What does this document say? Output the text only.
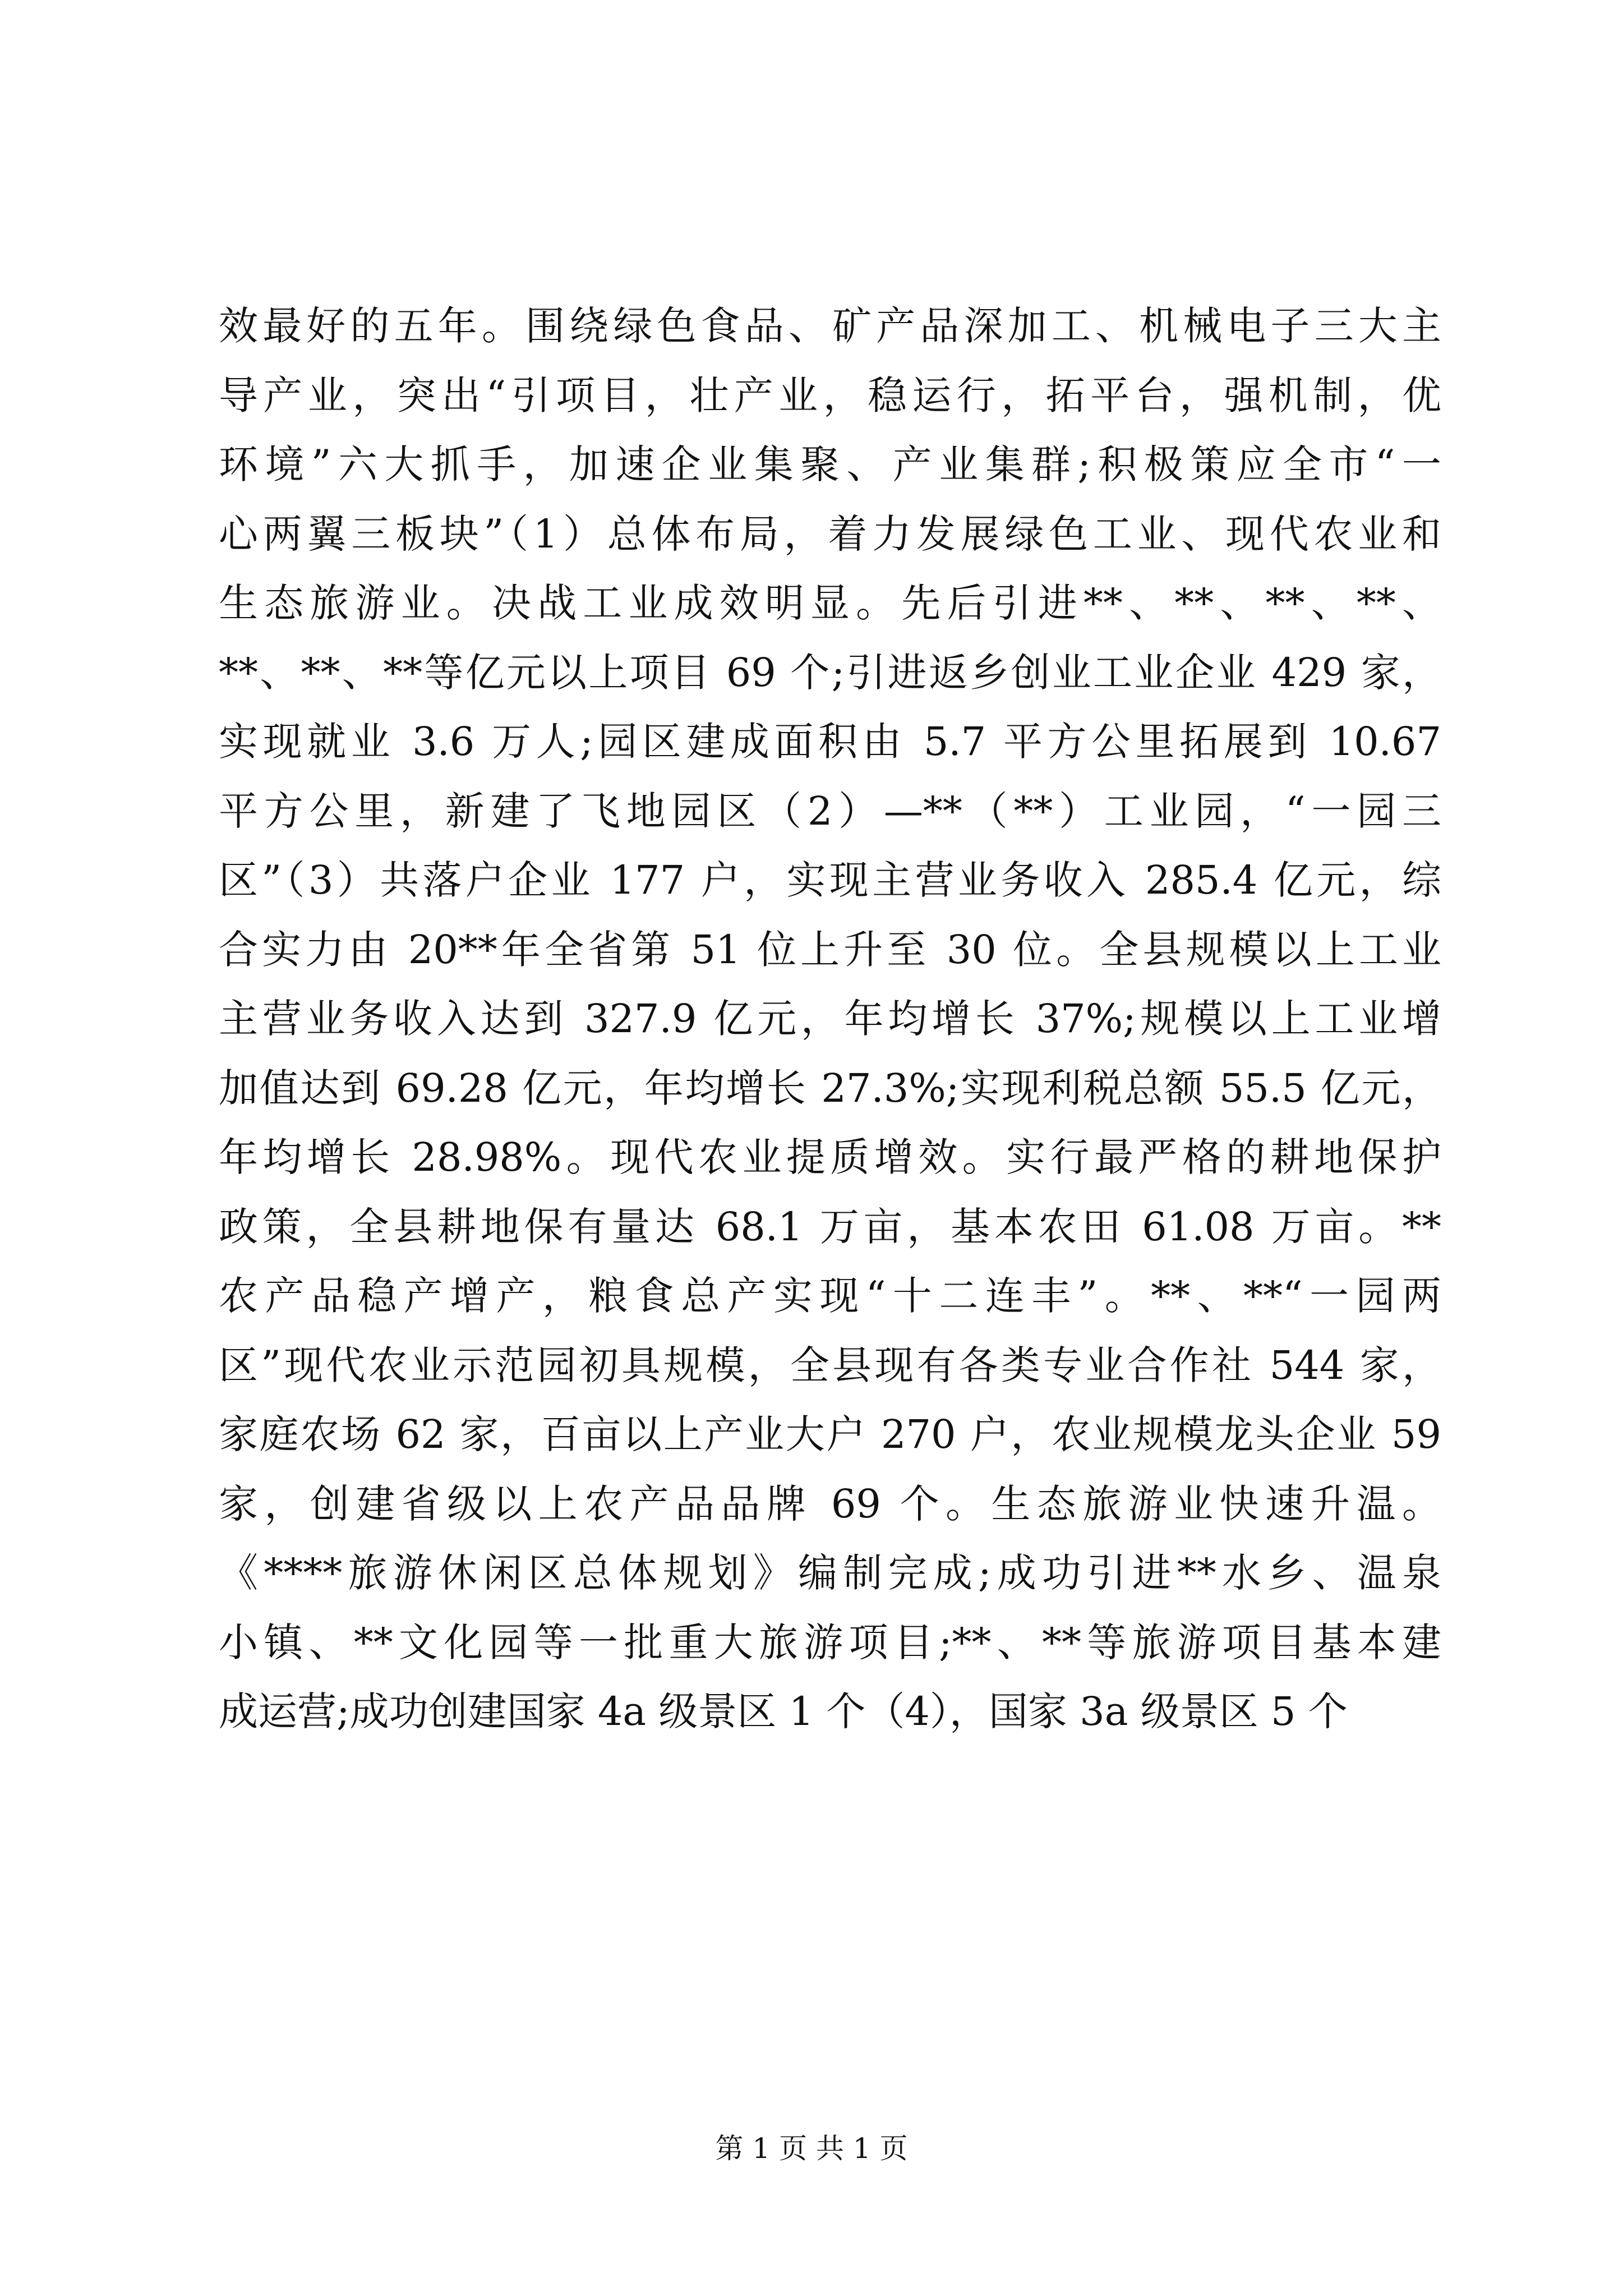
效最好的五年。围绕绿色食品、矿产品深加工、机械电子三大主
导产业，突出“引项目，壮产业，稳运行，拓平台，强机制，优
环境”六大抓手，加速企业集聚、产业集群;积极策应全市“一
心两翼三板块”（1）总体布局，着力发展绿色工业、现代农业和
生态旅游业。决战工业成效明显。先后引进**、**、**、**、
**、**、**等亿元以上项目 69 个;引进返乡创业工业企业 429 家，
实现就业 3.6 万人;园区建成面积由 5.7 平方公里拓展到 10.67
平方公里，新建了飞地园区（2）—**（**）工业园，“一园三
区”（3）共落户企业 177 户，实现主营业务收入 285.4 亿元，综
合实力由 20**年全省第 51 位上升至 30 位。全县规模以上工业
主营业务收入达到 327.9 亿元，年均增长 37%;规模以上工业增
加值达到 69.28 亿元，年均增长 27.3%;实现利税总额 55.5 亿元，
年均增长 28.98%。现代农业提质增效。实行最严格的耕地保护
政策，全县耕地保有量达 68.1 万亩，基本农田 61.08 万亩。**
农产品稳产增产，粮食总产实现“十二连丰”。**、**“一园两
区”现代农业示范园初具规模，全县现有各类专业合作社 544 家，
家庭农场 62 家，百亩以上产业大户 270 户，农业规模龙头企业 59
家，创建省级以上农产品品牌 69 个。生态旅游业快速升温。
《****旅游休闲区总体规划》编制完成;成功引进**水乡、温泉
小镇、**文化园等一批重大旅游项目;**、**等旅游项目基本建
成运营;成功创建国家 4a 级景区 1 个（4），国家 3a 级景区 5 个
第 1 页 共 1 页
